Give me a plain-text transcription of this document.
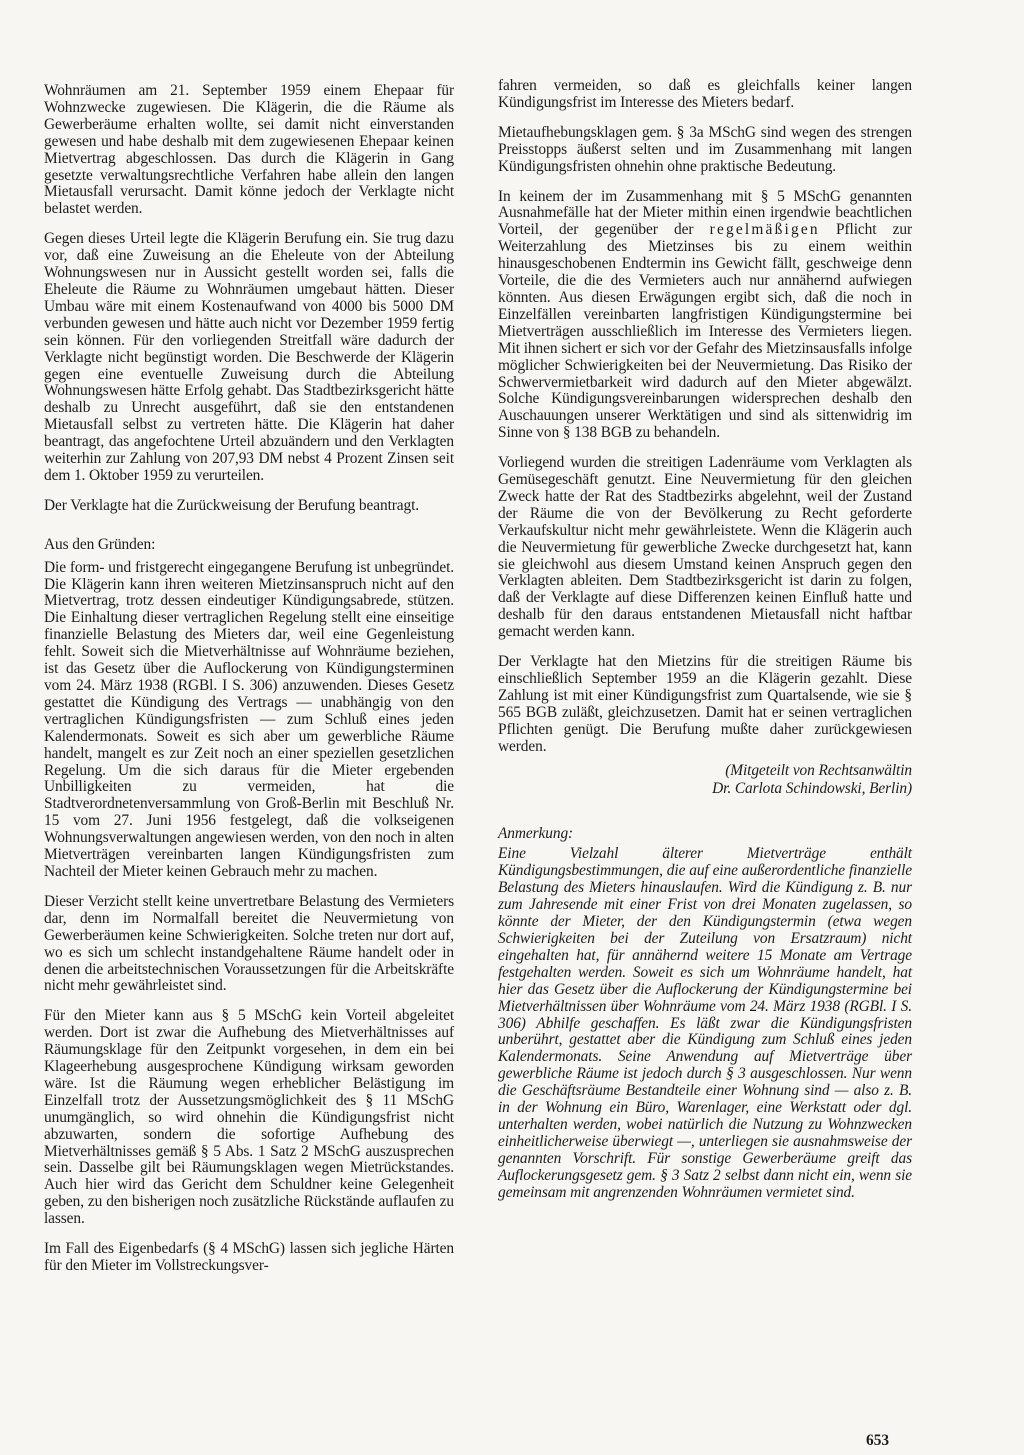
Wohnräumen am 21. September 1959 einem Ehepaar für Wohnzwecke zugewiesen. Die Klägerin, die die Räume als Gewerberäume erhalten wollte, sei damit nicht einverstanden gewesen und habe deshalb mit dem zugewiesenen Ehepaar keinen Mietvertrag abgeschlossen. Das durch die Klägerin in Gang gesetzte verwaltungsrechtliche Verfahren habe allein den langen Mietausfall verursacht. Damit könne jedoch der Verklagte nicht belastet werden.

Gegen dieses Urteil legte die Klägerin Berufung ein. Sie trug dazu vor, daß eine Zuweisung an die Eheleute von der Abteilung Wohnungswesen nur in Aussicht gestellt worden sei, falls die Eheleute die Räume zu Wohnräumen umgebaut hätten. Dieser Umbau wäre mit einem Kostenaufwand von 4000 bis 5000 DM verbunden gewesen und hätte auch nicht vor Dezember 1959 fertig sein können. Für den vorliegenden Streitfall wäre dadurch der Verklagte nicht begünstigt worden. Die Beschwerde der Klägerin gegen eine eventuelle Zuweisung durch die Abteilung Wohnungswesen hätte Erfolg gehabt. Das Stadtbezirksgericht hätte deshalb zu Unrecht ausgeführt, daß sie den entstandenen Mietausfall selbst zu vertreten hätte. Die Klägerin hat daher beantragt, das angefochtene Urteil abzuändern und den Verklagten weiterhin zur Zahlung von 207,93 DM nebst 4 Prozent Zinsen seit dem 1. Oktober 1959 zu verurteilen.

Der Verklagte hat die Zurückweisung der Berufung beantragt.

Aus den Gründen:

Die form- und fristgerecht eingegangene Berufung ist unbegründet. Die Klägerin kann ihren weiteren Mietzinsanspruch nicht auf den Mietvertrag, trotz dessen eindeutiger Kündigungsabrede, stützen. Die Einhaltung dieser vertraglichen Regelung stellt eine einseitige finanzielle Belastung des Mieters dar, weil eine Gegenleistung fehlt. Soweit sich die Mietverhältnisse auf Wohnräume beziehen, ist das Gesetz über die Auflockerung von Kündigungsterminen vom 24. März 1938 (RGBl. I S. 306) anzuwenden. Dieses Gesetz gestattet die Kündigung des Vertrags — unabhängig von den vertraglichen Kündigungsfristen — zum Schluß eines jeden Kalendermonats. Soweit es sich aber um gewerbliche Räume handelt, mangelt es zur Zeit noch an einer speziellen gesetzlichen Regelung. Um die sich daraus für die Mieter ergebenden Unbilligkeiten zu vermeiden, hat die Stadtverordnetenversammlung von Groß-Berlin mit Beschluß Nr. 15 vom 27. Juni 1956 festgelegt, daß die volkseigenen Wohnungsverwaltungen angewiesen werden, von den noch in alten Mietverträgen vereinbarten langen Kündigungsfristen zum Nachteil der Mieter keinen Gebrauch mehr zu machen.

Dieser Verzicht stellt keine unvertretbare Belastung des Vermieters dar, denn im Normalfall bereitet die Neuvermietung von Gewerberäumen keine Schwierigkeiten. Solche treten nur dort auf, wo es sich um schlecht instandgehaltene Räume handelt oder in denen die arbeitstechnischen Voraussetzungen für die Arbeitskräfte nicht mehr gewährleistet sind.

Für den Mieter kann aus § 5 MSchG kein Vorteil abgeleitet werden. Dort ist zwar die Aufhebung des Mietverhältnisses auf Räumungsklage für den Zeitpunkt vorgesehen, in dem ein bei Klageerhebung ausgesprochene Kündigung wirksam geworden wäre. Ist die Räumung wegen erheblicher Belästigung im Einzelfall trotz der Aussetzungsmöglichkeit des § 11 MSchG unumgänglich, so wird ohnehin die Kündigungsfrist nicht abzuwarten, sondern die sofortige Aufhebung des Mietverhältnisses gemäß § 5 Abs. 1 Satz 2 MSchG auszusprechen sein. Dasselbe gilt bei Räumungsklagen wegen Mietrückstandes. Auch hier wird das Gericht dem Schuldner keine Gelegenheit geben, zu den bisherigen noch zusätzliche Rückstände auflaufen zu lassen.

Im Fall des Eigenbedarfs (§ 4 MSchG) lassen sich jegliche Härten für den Mieter im Vollstreckungsver-

fahren vermeiden, so daß es gleichfalls keiner langen Kündigungsfrist im Interesse des Mieters bedarf.

Mietaufhebungsklagen gem. § 3a MSchG sind wegen des strengen Preisstopps äußerst selten und im Zusammenhang mit langen Kündigungsfristen ohnehin ohne praktische Bedeutung.

In keinem der im Zusammenhang mit § 5 MSchG genannten Ausnahmefälle hat der Mieter mithin einen irgendwie beachtlichen Vorteil, der gegenüber der regelmäßigen Pflicht zur Weiterzahlung des Mietzinses bis zu einem weithin hinausgeschobenen Endtermin ins Gewicht fällt, geschweige denn Vorteile, die die des Vermieters auch nur annähernd aufwiegen könnten. Aus diesen Erwägungen ergibt sich, daß die noch in Einzelfällen vereinbarten langfristigen Kündigungstermine bei Mietverträgen ausschließlich im Interesse des Vermieters liegen. Mit ihnen sichert er sich vor der Gefahr des Mietzinsausfalls infolge möglicher Schwierigkeiten bei der Neuvermietung. Das Risiko der Schwervermietbarkeit wird dadurch auf den Mieter abgewälzt. Solche Kündigungsvereinbarungen widersprechen deshalb den Auschauungen unserer Werktätigen und sind als sittenwidrig im Sinne von § 138 BGB zu behandeln.

Vorliegend wurden die streitigen Ladenräume vom Verklagten als Gemüsegeschäft genutzt. Eine Neuvermietung für den gleichen Zweck hatte der Rat des Stadtbezirks abgelehnt, weil der Zustand der Räume die von der Bevölkerung zu Recht geforderte Verkaufskultur nicht mehr gewährleistete. Wenn die Klägerin auch die Neuvermietung für gewerbliche Zwecke durchgesetzt hat, kann sie gleichwohl aus diesem Umstand keinen Anspruch gegen den Verklagten ableiten. Dem Stadtbezirksgericht ist darin zu folgen, daß der Verklagte auf diese Differenzen keinen Einfluß hatte und deshalb für den daraus entstandenen Mietausfall nicht haftbar gemacht werden kann.

Der Verklagte hat den Mietzins für die streitigen Räume bis einschließlich September 1959 an die Klägerin gezahlt. Diese Zahlung ist mit einer Kündigungsfrist zum Quartalsende, wie sie § 565 BGB zuläßt, gleichzusetzen. Damit hat er seinen vertraglichen Pflichten genügt. Die Berufung mußte daher zurückgewiesen werden.

(Mitgeteilt von Rechtsanwältin
Dr. Carlota Schindowski, Berlin)

Anmerkung:

Eine Vielzahl älterer Mietverträge enthält Kündigungsbestimmungen, die auf eine außerordentliche finanzielle Belastung des Mieters hinauslaufen. Wird die Kündigung z. B. nur zum Jahresende mit einer Frist von drei Monaten zugelassen, so könnte der Mieter, der den Kündigungstermin (etwa wegen Schwierigkeiten bei der Zuteilung von Ersatzraum) nicht eingehalten hat, für annähernd weitere 15 Monate am Vertrage festgehalten werden. Soweit es sich um Wohnräume handelt, hat hier das Gesetz über die Auflockerung der Kündigungstermine bei Mietverhältnissen über Wohnräume vom 24. März 1938 (RGBl. I S. 306) Abhilfe geschaffen. Es läßt zwar die Kündigungsfristen unberührt, gestattet aber die Kündigung zum Schluß eines jeden Kalendermonats. Seine Anwendung auf Mietverträge über gewerbliche Räume ist jedoch durch § 3 ausgeschlossen. Nur wenn die Geschäftsräume Bestandteile einer Wohnung sind — also z. B. in der Wohnung ein Büro, Warenlager, eine Werkstatt oder dgl. unterhalten werden, wobei natürlich die Nutzung zu Wohnzwecken einheitlicherweise überwiegt —, unterliegen sie ausnahmsweise der genannten Vorschrift. Für sonstige Gewerberäume greift das Auflockerungsgesetz gem. § 3 Satz 2 selbst dann nicht ein, wenn sie gemeinsam mit angrenzenden Wohnräumen vermietet sind.

653
